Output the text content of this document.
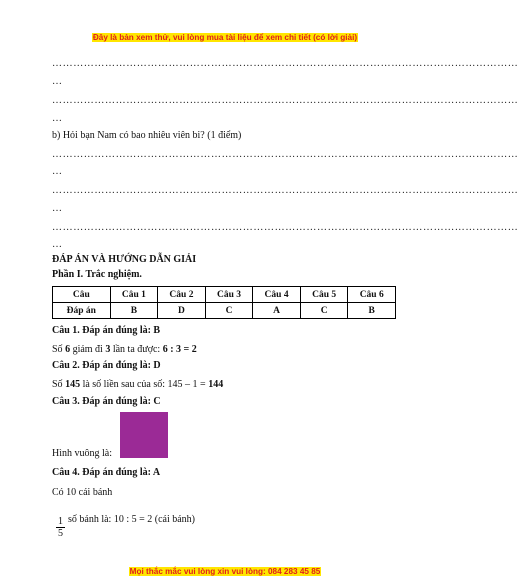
Đây là bản xem thử, vui lòng mua tài liệu để xem chi tiết (có lời giải)
……………………………………………………………………………………………………………………
…
……………………………………………………………………………………………………………………
…
b) Hỏi bạn Nam có bao nhiêu viên bi? (1 điểm)
……………………………………………………………………………………………………………………
…
……………………………………………………………………………………………………………………
…
……………………………………………………………………………………………………………………
…
ĐÁP ÁN VÀ HƯỚNG DẪN GIẢI
Phần I. Trắc nghiệm.
Câu	Câu 1	Câu 2	Câu 3	Câu 4	Câu 5	Câu 6
Đáp án	B	D	C	A	C	B
Câu 1. Đáp án đúng là: B
Số 6 giảm đi 3 lần ta được: 6 : 3 = 2
Câu 2. Đáp án đúng là: D
Số 145 là số liền sau của số: 145 – 1 = 144
Câu 3. Đáp án đúng là: C
Hình vuông là:
Câu 4. Đáp án đúng là: A
Có 10 cái bánh
$\frac{1}{5}$ số bánh là: 10 : 5 = 2 (cái bánh)
Mọi thắc mắc vui lòng xin vui lòng: 084 283 45 85
